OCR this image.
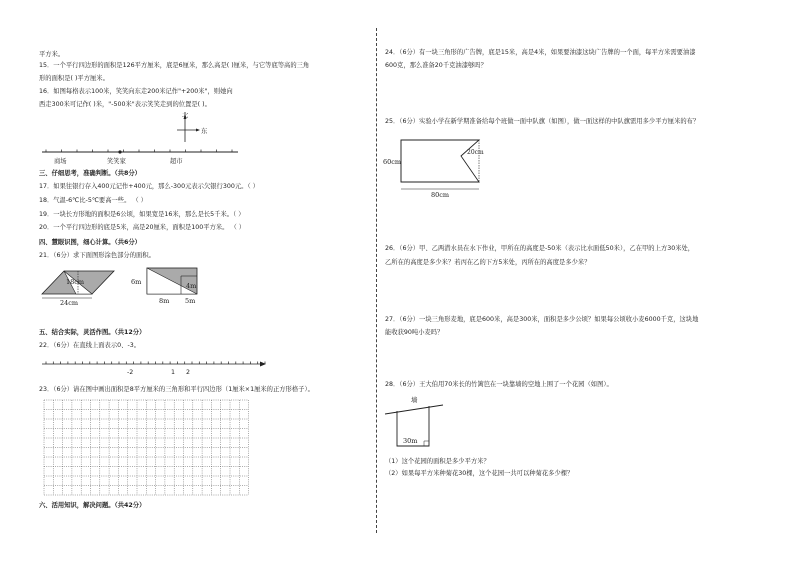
平方米。
15．一个平行四边形的面积是126平方厘米，底是6厘米，那么高是( )厘米，与它等底等高的三角
形的面积是( )平方厘米。
16．如图每格表示100米，笑笑向东走200米记作"+200米"，则她向
西走300米可记作( )米，"-500米"表示笑笑走到的位置是( )。
北
东
商场	笑笑家	超市
三、仔细思考，准确判断。（共8分）
17．如果往银行存入400元记作+400元，那么-300元表示欠银行300元。（ ）
18．气温-6℃比-5℃要高一些。 （ ）
19．一块长方形地的面积是6公顷，如果宽是16米，那么是长5千米。（ ）
20．一个平行四边形的底是5米，高是20厘米，面积是100平方米。 （ ）
四、慧眼识图，细心计算。（共6分）
21．（6分）求下面图形涂色部分的面积。
18cm
24cm
6m	4m
8m 5m
五、结合实际，灵活作图。（共12分）
22．（6分）在直线上面表示0、-3。
-2	1 2
23．（6分）请在图中画出面积是8平方厘米的三角形和平行四边形（1厘米×1厘米的正方形格子）。
六、活用知识，解决问题。（共42分）
24．（6分）有一块三角形的广告牌，底是15米，高是4米，如果要油漆这块广告牌的一个面，每平方米需要油漆
600克，那么准备20千克油漆够吗？
25．（6分）实验小学在新学期准备给每个班做一面中队旗（如图），做一面这样的中队旗需用多少平方厘米的布？
60cm
20cm
80cm
26．（6分）甲、乙两潜水员在水下作业，甲所在的高度是-50米（表示比水面低50米），乙在甲的上方30米处，
乙所在的高度是多少米？若丙在乙的下方5米处，丙所在的高度是多少米？
27．（6分）一块三角形麦地，底是600米，高是300米，面积是多少公顷？如果每公顷收小麦6000千克，这块地
能收获90吨小麦吗？
28．（6分）王大伯用70米长的竹篱笆在一块靠墙的空地上围了一个花园（如图）。
墙
30m
（1）这个花园的面积是多少平方米？
（2）如果每平方米种菊花30棵，这个花园一共可以种菊花多少棵？
